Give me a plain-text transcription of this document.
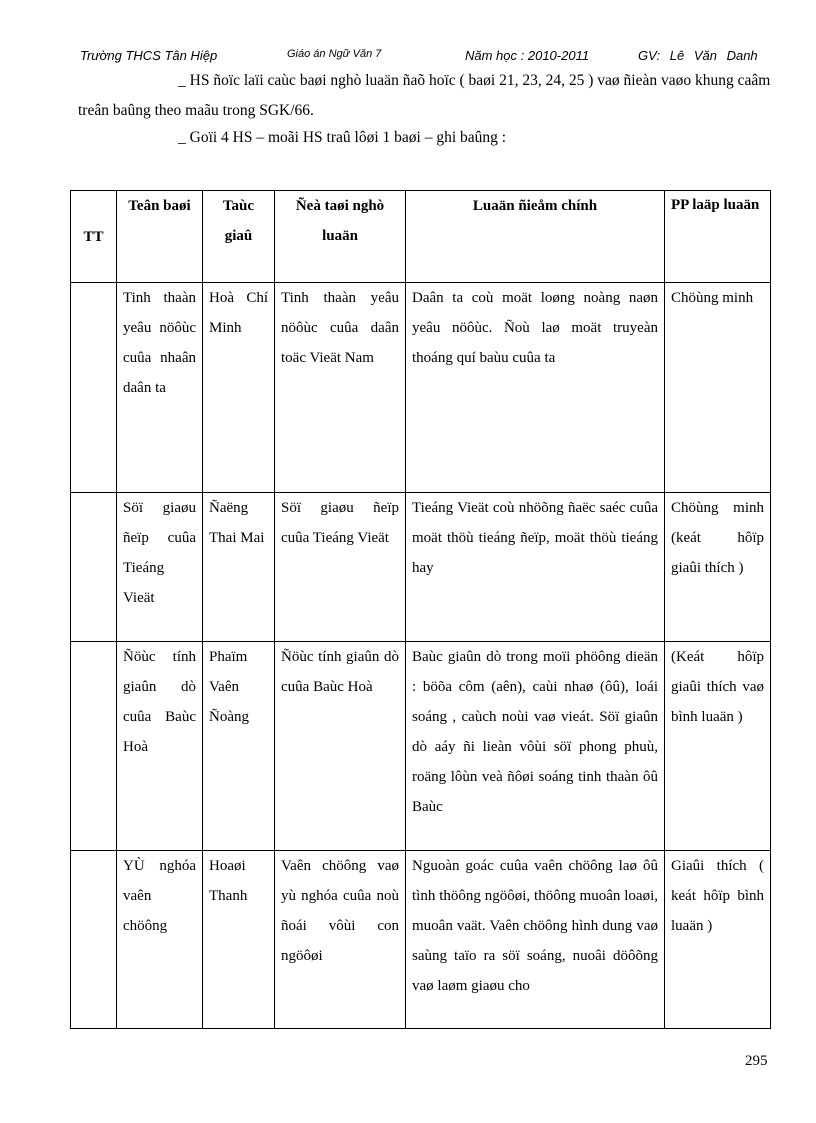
Trường THCS Tân Hiệp	Giáo án Ngữ Văn 7	Năm học : 2010-2011	GV: Lê Văn Danh
_ HS ñoïc laïi caùc baøi nghò luaän ñaõ hoïc ( baøi 21, 23, 24, 25 ) vaø ñieàn vaøo khung caâm treân baûng theo maãu trong SGK/66.
_ Goïi 4 HS – moãi HS traû lôøi 1 baøi – ghi baûng :
TT	Teân baøi	Taùc giaû	Ñeà taøi nghò luaän	Luaän ñieåm chính	PP laäp luaän
	Tinh thaàn yeâu nöôùc cuûa nhaân daân ta	Hoà Chí Minh	Tinh thaàn yeâu nöôùc cuûa daân toäc Vieät Nam	Daân ta coù moät loøng noàng naøn yeâu nöôùc. Ñoù laø moät truyeàn thoáng quí baùu cuûa ta	Chöùng minh
	Söï giaøu ñeïp cuûa Tieáng Vieät	Ñaëng Thai Mai	Söï giaøu ñeïp cuûa Tieáng Vieät	Tieáng Vieät coù nhöõng ñaëc saéc cuûa moät thöù tieáng ñeïp, moät thöù tieáng hay	Chöùng minh (keát hôïp giaûi thích )
	Ñöùc tính giaûn dò cuûa Baùc Hoà	Phaïm Vaên Ñoàng	Ñöùc tính giaûn dò cuûa Baùc Hoà	Baùc giaûn dò trong moïi phöông dieän : böõa côm (aên), caùi nhaø (ôû), loái soáng , caùch noùi vaø vieát. Söï giaûn dò aáy ñi lieàn vôùi söï phong phuù, roäng lôùn veà ñôøi soáng tinh thaàn ôû Baùc	(Keát hôïp giaûi thích vaø bình luaän )
	YÙ nghóa vaên chöông	Hoaøi Thanh	Vaên chöông vaø yù nghóa cuûa noù ñoái vôùi con ngöôøi	Nguoàn goác cuûa vaên chöông laø ôû tình thöông ngöôøi, thöông muoân loaøi, muoân vaät. Vaên chöông hình dung vaø saùng taïo ra söï soáng, nuoâi döôõng vaø laøm giaøu cho	Giaûi thích ( keát hôïp bình luaän )
295
